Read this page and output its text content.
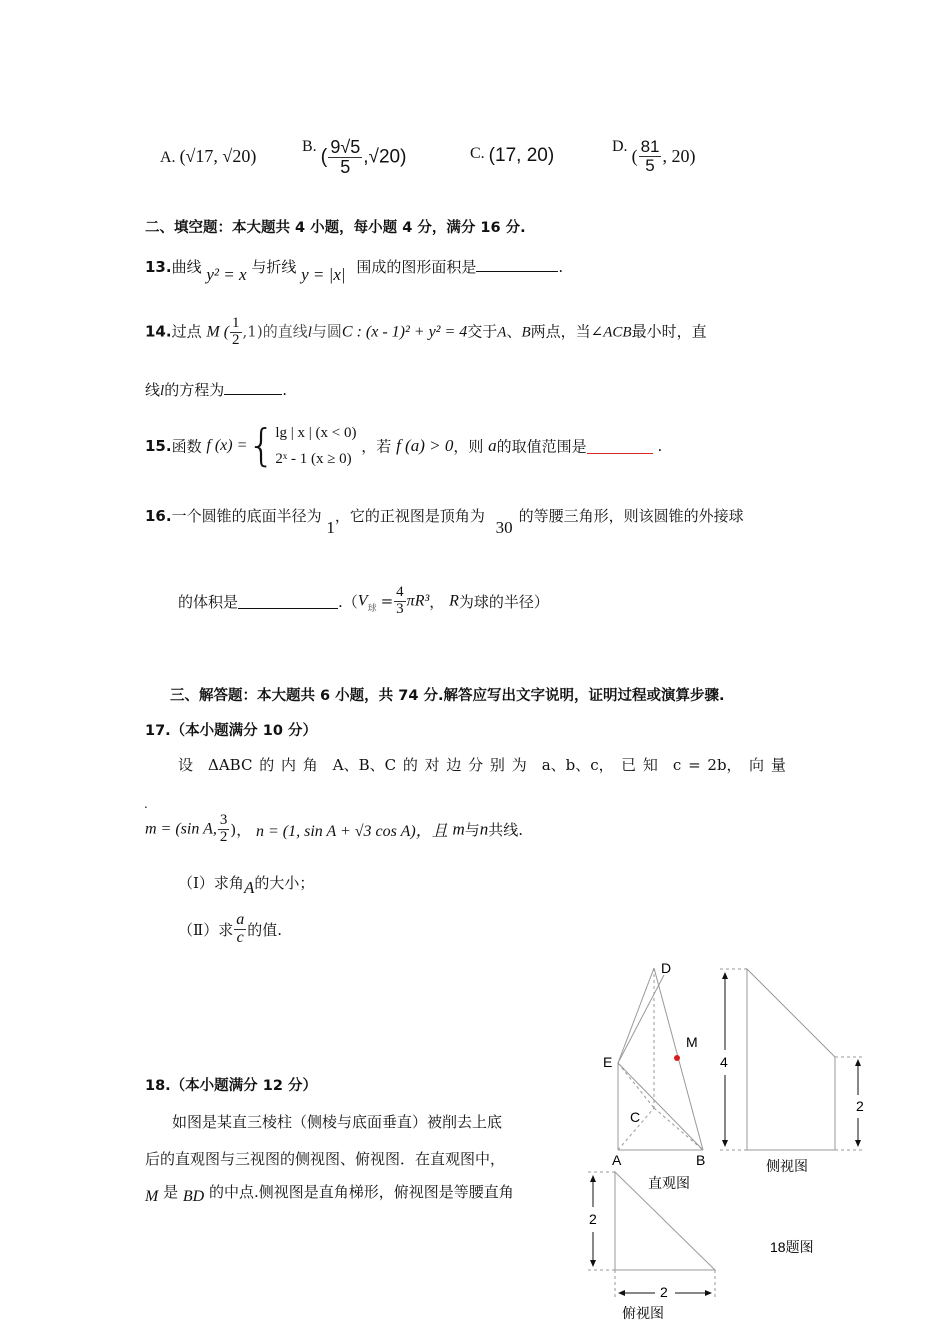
A. (√17, √20)	B. ( $\frac{9√5}{5} ,√20$)	C. (17, 20)	D. ( $\frac{81}{5}$ , 20)
二、填空题：本大题共 4 小题，每小题 4 分，满分 16 分.
13.曲线 y² = x 与折线 y = |x| 围成的图形面积是	.
14.过点 M ( $\frac{1}{2} ,1$)的直线l与圆C : (x - 1)² + y² = 4交于A、B两点，当∠ACB最小时，直
线l的方程为	.
15.函数 f (x) ={ lg | x | (x < 0)
2ˣ - 1 (x ≥ 0)
，若 f (a) > 0，则 a的取值范围是	.
16.一个圆锥的底面半径为 1，它的正视图是顶角为 30的等腰三角形，则该圆锥的外接球
的体积是	$.(V_球 = \frac{4}{3} \pi R^3$， R为球的半径）
三、解答题：本大题共 6 小题，共 74 分.解答应写出文字说明，证明过程或演算步骤.
17.（本小题满分 10 分）
设　ΔABC 的 内 角　A、B、C 的 对 边 分 别 为　a、b、c，　已 知　c = 2b，　向 量
.
m = (sin A, $\frac{3}{2}$ )， n = (1, sin A + √3 cos A)，且 m与n共线.
（Ⅰ）求角A的大小；
（Ⅱ）求 $\frac{a}{c}$ 的值.
18.（本小题满分 12 分）
如图是某直三棱柱（侧棱与底面垂直）被削去上底
后的直观图与三视图的侧视图、俯视图．在直观图中，
M 是 BD 的中点.侧视图是直角梯形，俯视图是等腰直角
D
M
E
C
A	B
直观图
4
2
侧视图
2
2
俯视图
18题图
